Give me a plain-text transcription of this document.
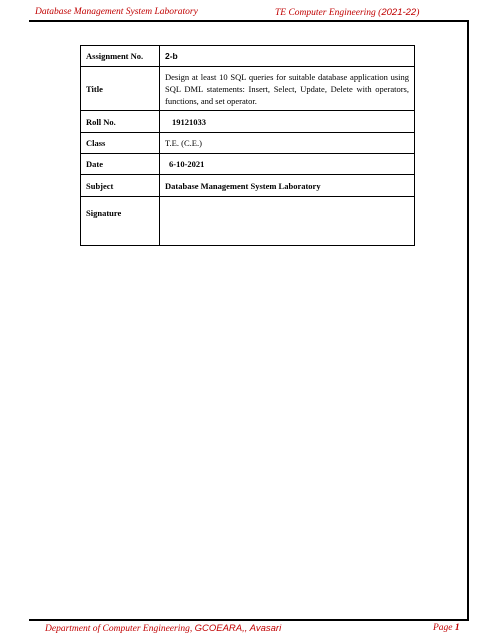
Database Management System Laboratory	TE Computer Engineering (2021-22)
Assignment No.	2-b
Title	Design at least 10 SQL queries for suitable database application using SQL DML statements: Insert, Select, Update, Delete with operators, functions, and set operator.
Roll No.	19121033
Class	T.E. (C.E.)
Date	6-10-2021
Subject	Database Management System Laboratory
Signature	
Department of Computer Engineering, GCOEARA,, Avasari	Page 1
